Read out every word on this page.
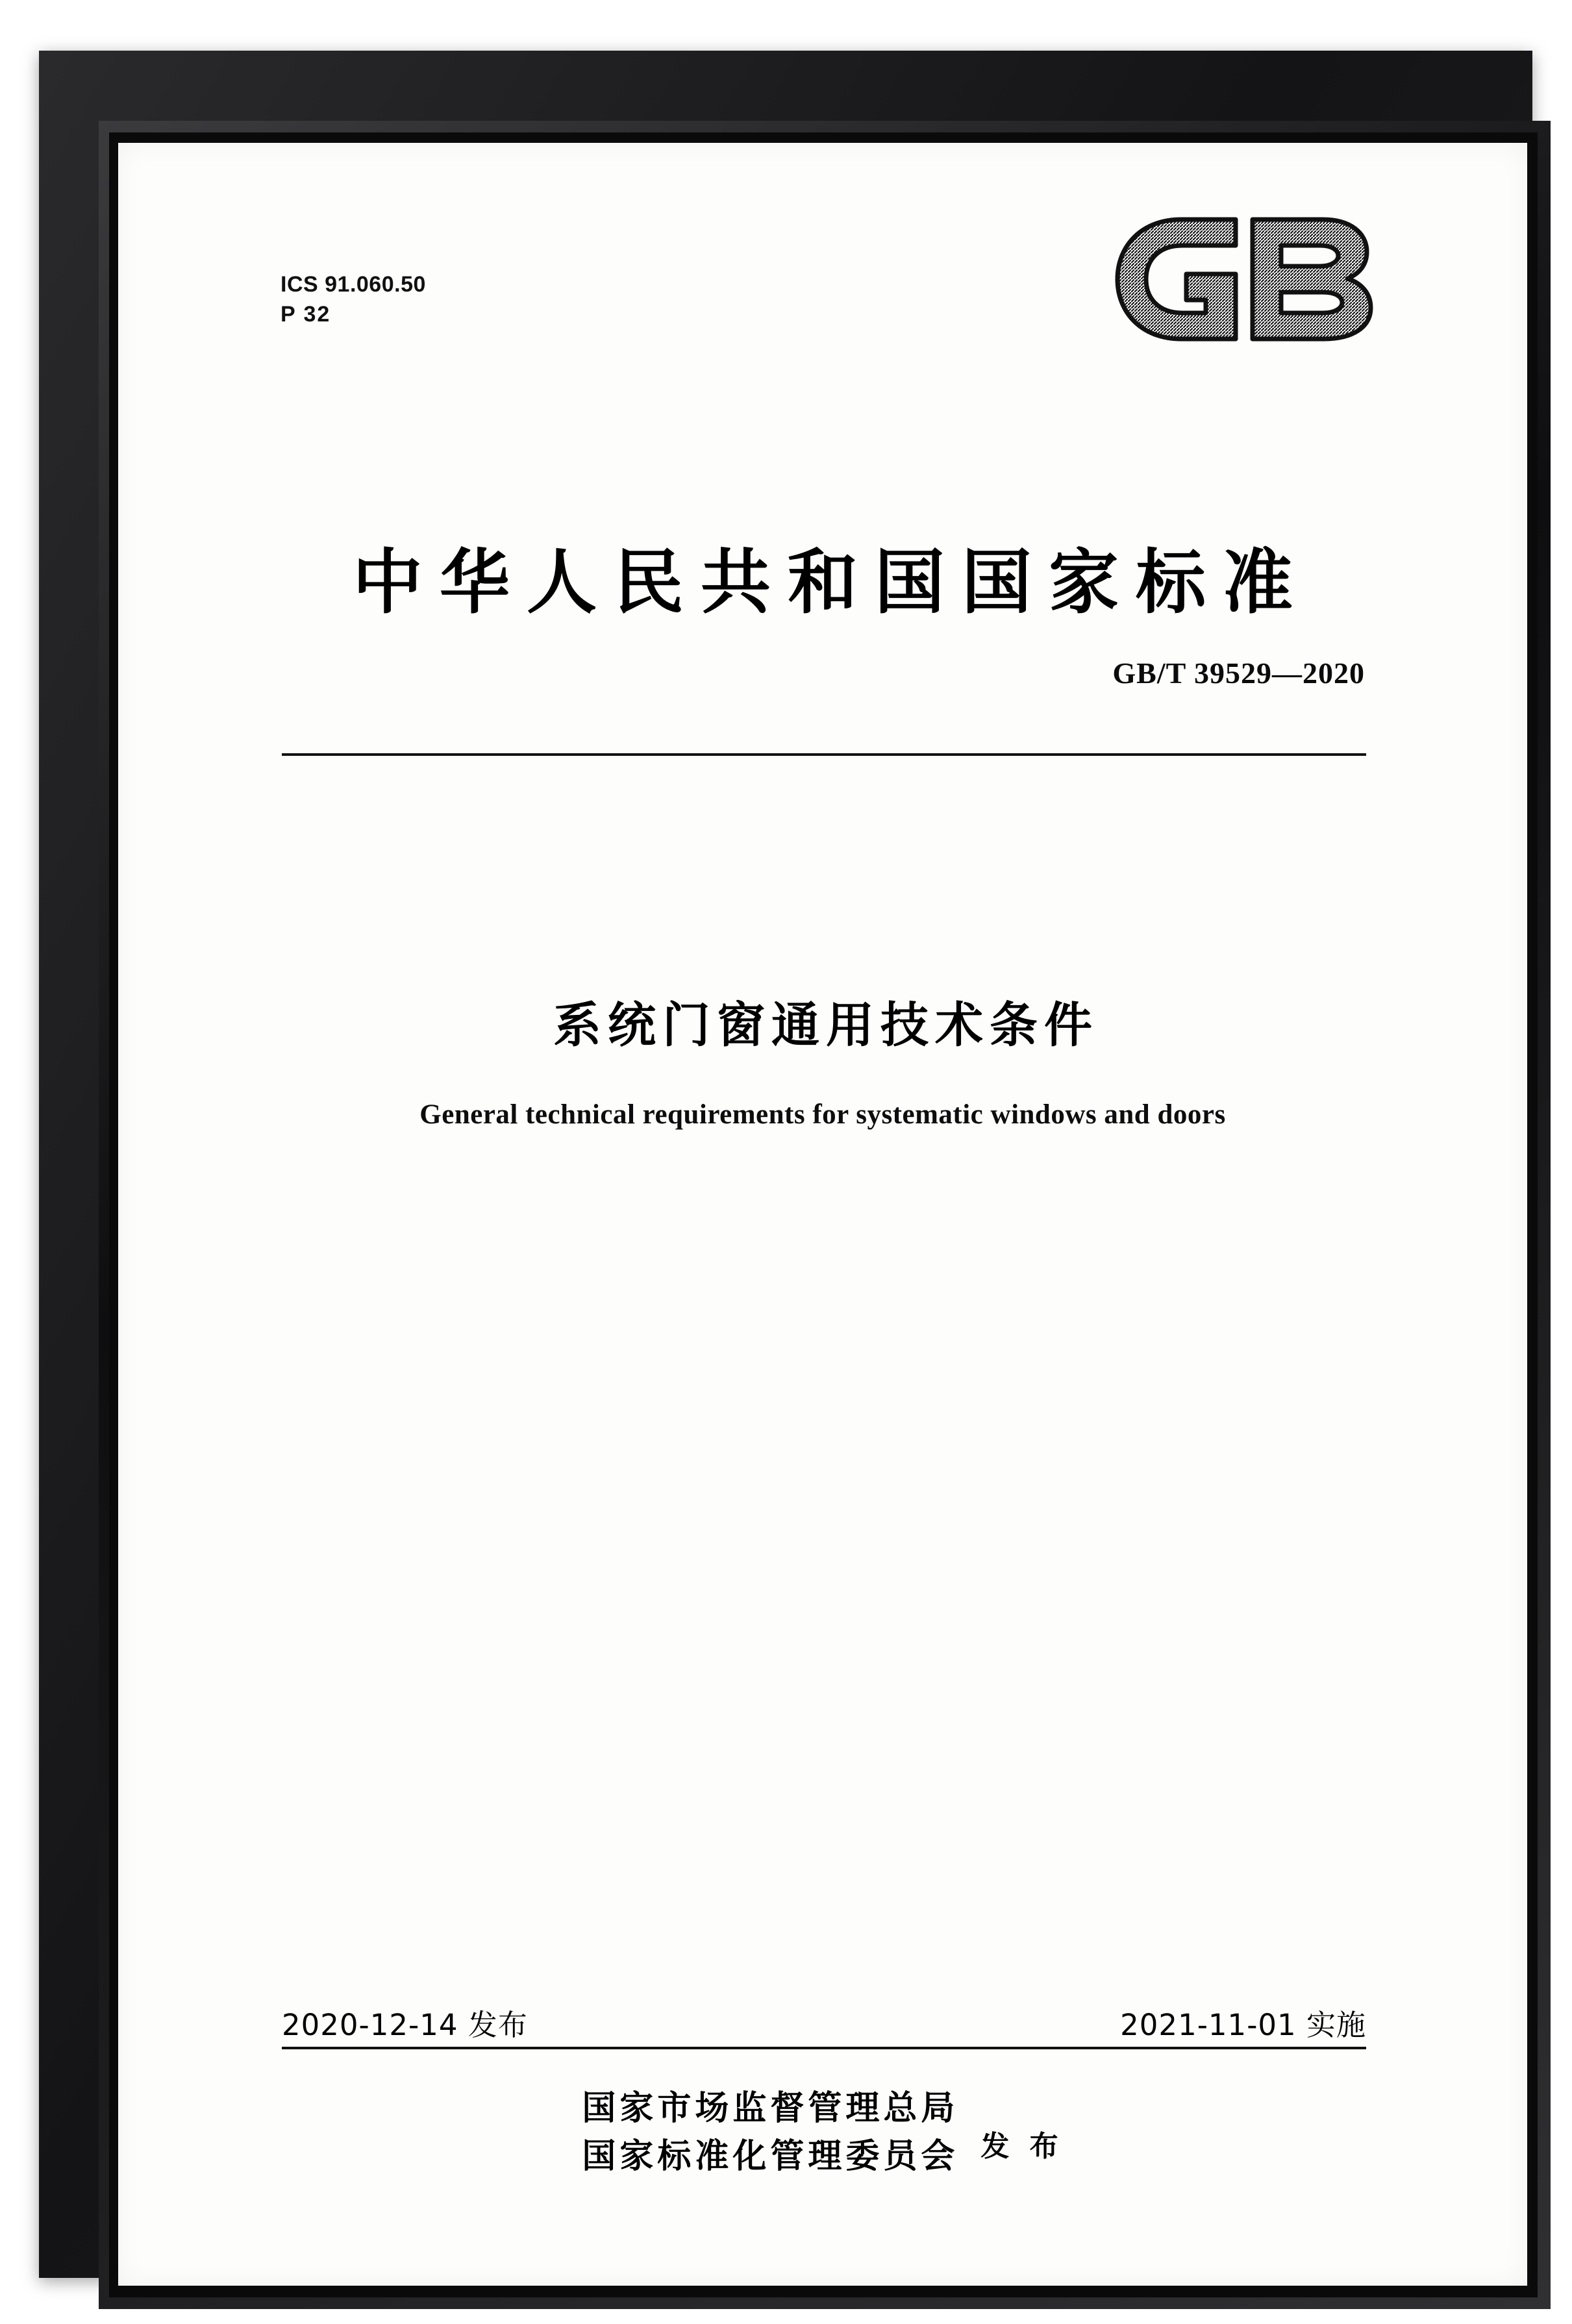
ICS 91.060.50
P 32
中华人民共和国国家标准
GB/T 39529—2020
系统门窗通用技术条件
General technical requirements for systematic windows and doors
2020-12-14 发布	2021-11-01 实施
国家市场监督管理总局
国家标准化管理委员会 发 布
